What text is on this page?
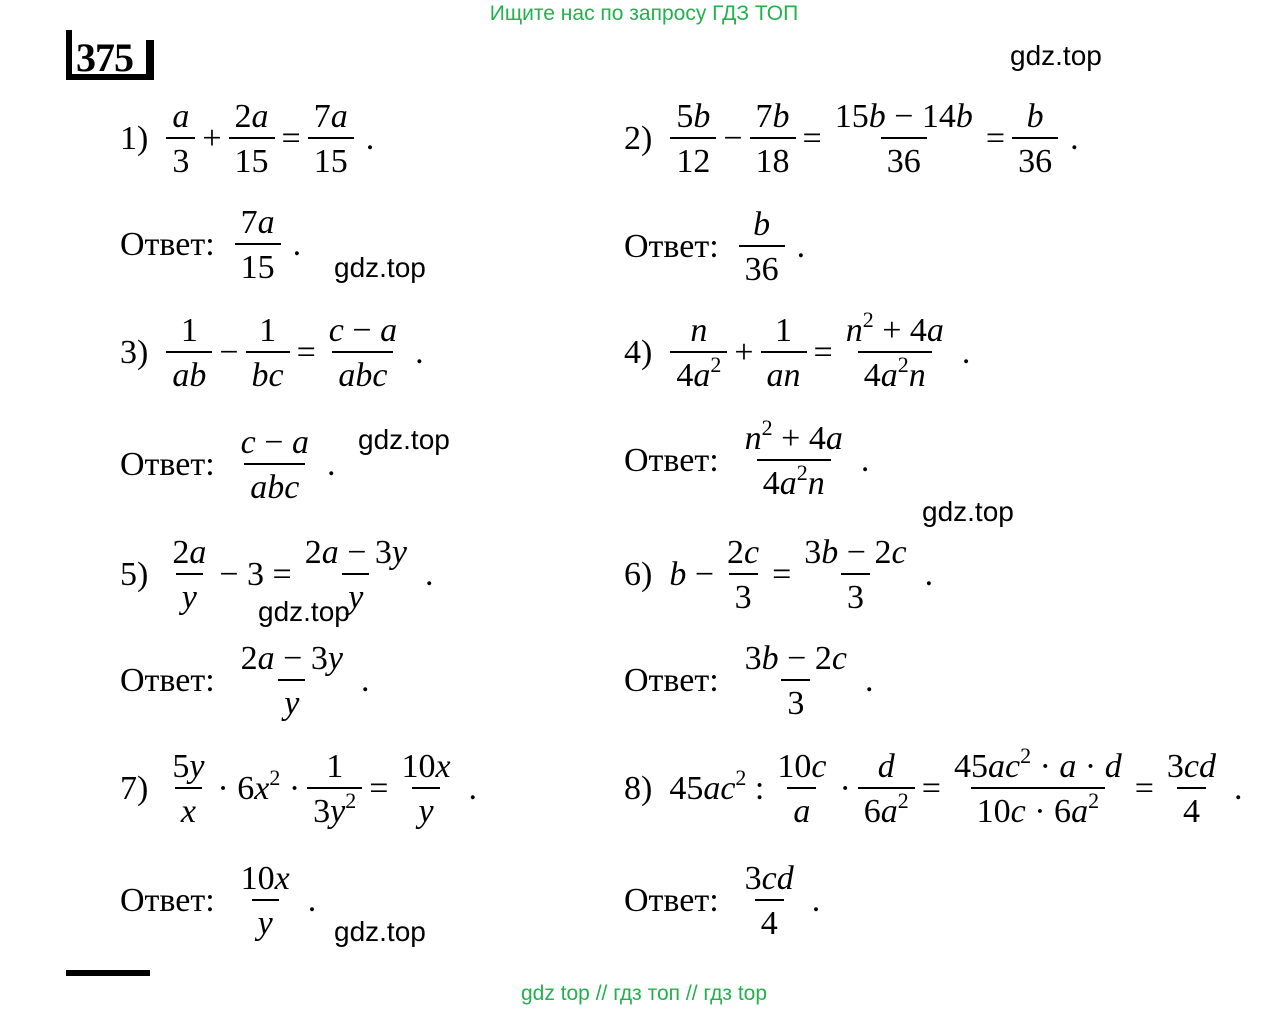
Ищите нас по запросу ГДЗ ТОП
375	gdz.top
gdz.top
gdz.top
gdz.top
gdz.top
gdz.top
$1) \frac{a}{3} + \frac{2a}{15} = \frac{7a}{15}$ .
Ответ: $\frac{7a}{15}$ .
$2) \frac{5b}{12} - \frac{7b}{18} = \frac{15b - 14b}{36} = \frac{b}{36}$ .
Ответ: $\frac{b}{36}$ .
$3) \frac{1}{ab} - \frac{1}{bc} = \frac{c - a}{\text{abc}}$ .
Ответ: $\frac{c - a}{\text{abc}}$ .
$4) \frac{n}{4a^2} + \frac{1}{an} = \frac{n^2 + 4a}{4a^2n}$ .
Ответ: $\frac{n^2 + 4a}{4a^2n}$ .
$5) \frac{2a}{y} - 3 = \frac{2a - 3y}{y}$ .
Ответ: $\frac{2a - 3y}{y}$ .
6) $b - \frac{2c}{3} = \frac{3b - 2c}{3}$ .
Ответ: $\frac{3b - 2c}{3}$ .
$7) \frac{5y}{x} \cdot 6x^2 \cdot \frac{1}{3y^2} = \frac{10x}{y}$ .
Ответ: $\frac{10x}{y}$ .
8) $45ac^2$ : $\frac{10c}{a} \cdot \frac{d}{6a^2} = \frac{45ac^2 \cdot a \cdot d}{10c \cdot 6a^2} = \frac{3cd}{4}$ .
Ответ: $\frac{3cd}{4}$ .
gdz top // гдз топ // гдз top
